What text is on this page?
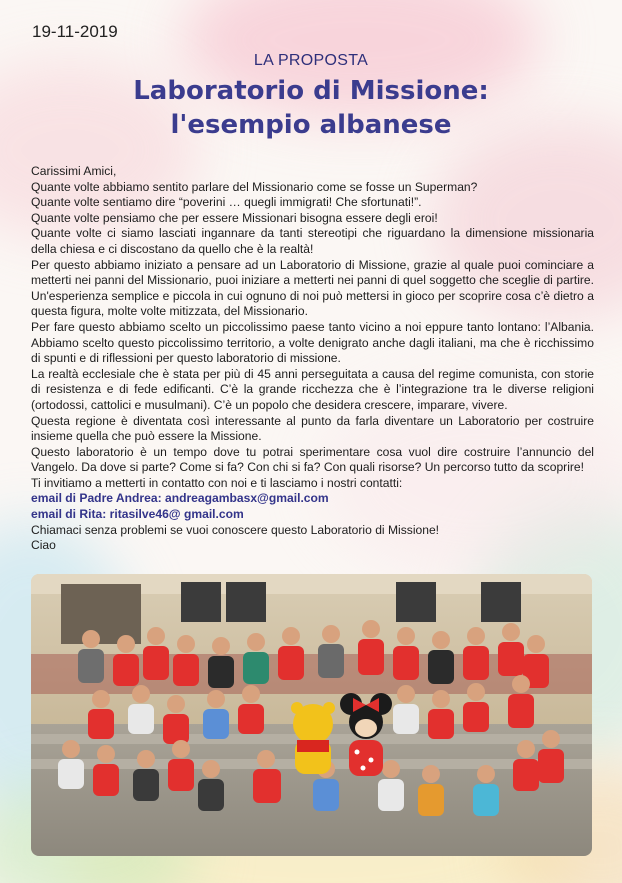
19-11-2019
LA PROPOSTA
Laboratorio di Missione:
l'esempio albanese

Carissimi Amici,

Quante volte abbiamo sentito parlare del Missionario come se fosse un Superman?

Quante volte sentiamo dire “poverini … quegli immigrati! Che sfortunati!”.

Quante volte pensiamo che per essere Missionari bisogna essere degli eroi!

Quante volte ci siamo lasciati ingannare da tanti stereotipi che riguardano la dimensione missionaria della chiesa e ci discostano da quello che è la realtà!

Per questo abbiamo iniziato a pensare ad un Laboratorio di Missione, grazie al quale puoi cominciare a metterti nei panni del Missionario, puoi iniziare a metterti nei panni di quel soggetto che sceglie di partire. Un'esperienza semplice e piccola in cui ognuno di noi può mettersi in gioco per scoprire cosa c’è dietro a questa figura, molte volte mitizzata, del Missionario.

Per fare questo abbiamo scelto un piccolissimo paese tanto vicino a noi eppure tanto lontano: l’Albania. Abbiamo scelto questo piccolissimo territorio, a volte denigrato anche dagli italiani, ma che è ricchissimo di spunti e di riflessioni per questo laboratorio di missione.

La realtà ecclesiale che è stata per più di 45 anni perseguitata a causa del regime comunista, con storie di resistenza e di fede edificanti. C’è la grande ricchezza che è l’integrazione tra le diverse religioni (ortodossi, cattolici e musulmani). C’è un popolo che desidera crescere, imparare, vivere.

Questa regione è diventata così interessante al punto da farla diventare un Laboratorio per costruire insieme quella che può essere la Missione.

Questo laboratorio è un tempo dove tu potrai sperimentare cosa vuol dire costruire l’annuncio del Vangelo. Da dove si parte? Come si fa? Con chi si fa? Con quali risorse? Un percorso tutto da scoprire!

Ti invitiamo a metterti in contatto con noi e ti lasciamo i nostri contatti:

email di Padre Andrea: andreagambasx@gmail.com

email di Rita: ritasilve46@ gmail.com

Chiamaci senza problemi se vuoi conoscere questo Laboratorio di Missione!

Ciao
